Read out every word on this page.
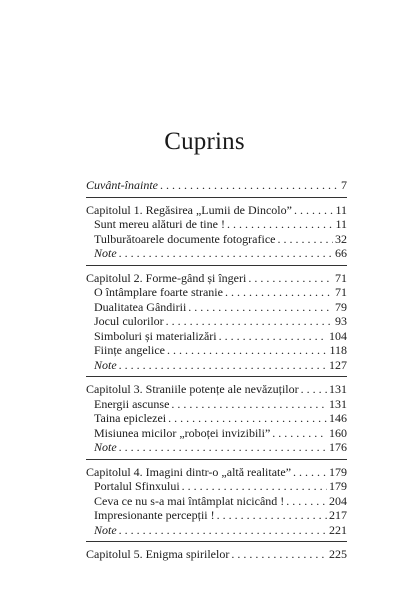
Cuprins
Cuvânt-înainte . . .	7
Capitolul 1. Regăsirea „Lumii de Dincolo” . . .	11
Sunt mereu alături de tine ! . . .	11
Tulburătoarele documente fotografice . . .	32
Note . . .	66
Capitolul 2. Forme-gând și îngeri . . .	71
O întâmplare foarte stranie . . .	71
Dualitatea Gândirii . . .	79
Jocul culorilor . . .	93
Simboluri și materializări . . .	104
Ființe angelice . . .	118
Note . . .	127
Capitolul 3. Straniile potențe ale nevăzuților . . .	131
Energii ascunse . . .	131
Taina epiclezei . . .	146
Misiunea micilor „roboței invizibili” . . .	160
Note . . .	176
Capitolul 4. Imagini dintr-o „altă realitate” . . .	179
Portalul Sfinxului . . .	179
Ceva ce nu s-a mai întâmplat nicicând ! . . .	204
Impresionante percepții ! . . .	217
Note . . .	221
Capitolul 5. Enigma spirilelor . . .	225
